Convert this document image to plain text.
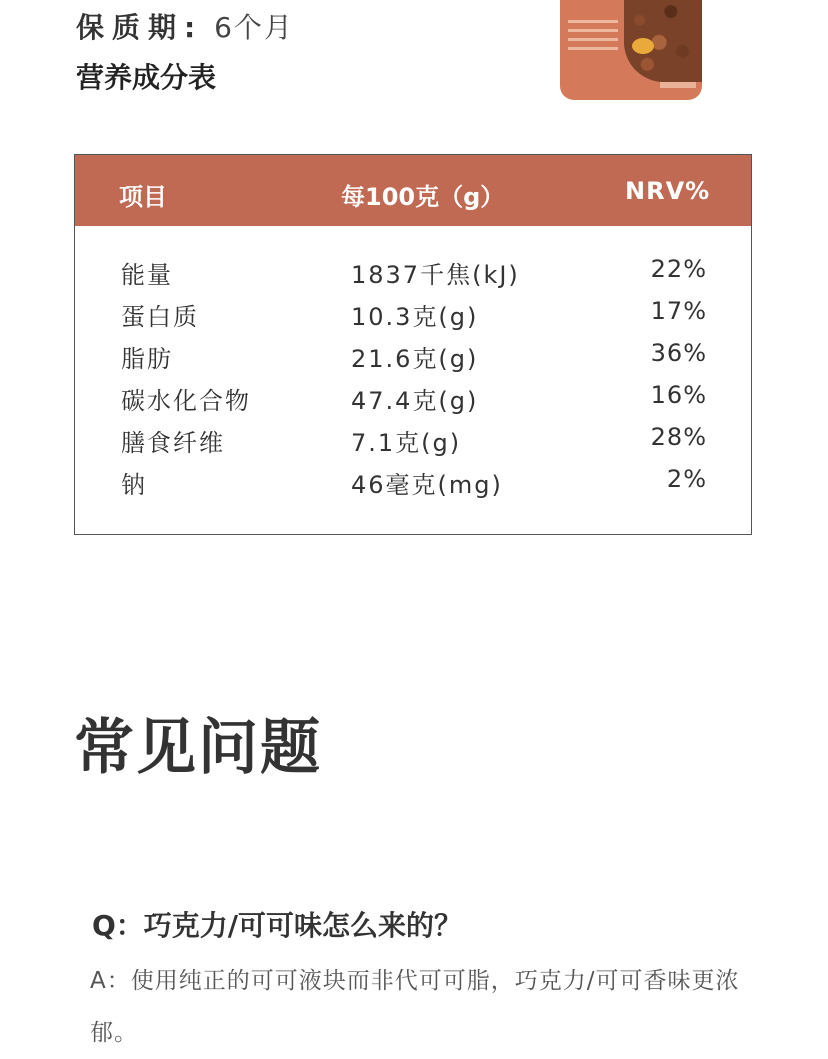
保质期: 6个月
营养成分表
项目	每100克（g）	NRV%
能量	1837千焦(kJ)	22%
蛋白质	10.3克(g)	17%
脂肪	21.6克(g)	36%
碳水化合物	47.4克(g)	16%
膳食纤维	7.1克(g)	28%
钠	46毫克(mg)	2%
常见问题
Q：巧克力/可可味怎么来的？
A：使用纯正的可可液块而非代可可脂，巧克力/可可香味更浓郁。
